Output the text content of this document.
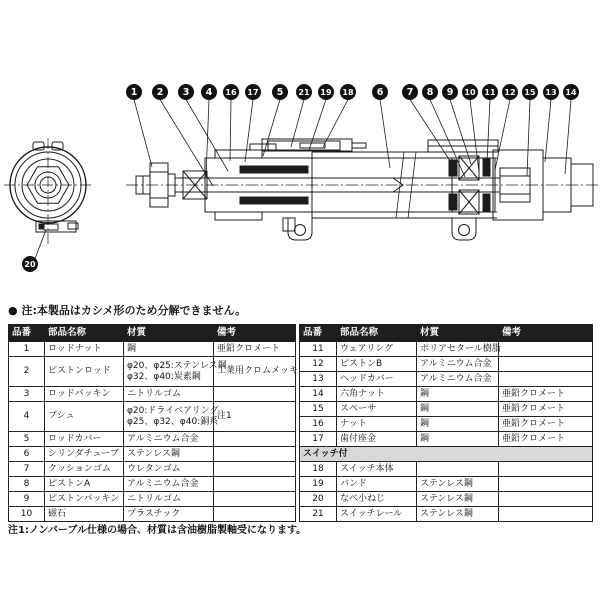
1 2 3 4 16 17 5 21 19 18 6 7 8 9 10 11 12 15 13 14
20
● 注:本製品はカシメ形のため分解できません。
品番	部品名称	材質	備考
1	ロッドナット	鋼	亜鉛クロメート
2	ピストンロッド	φ20、φ25:ステンレス鋼
φ32、φ40:炭素鋼	工業用クロムメッキ
3	ロッドパッキン	ニトリルゴム	

4	ブシュ	φ20:ドライベアリング
φ25、φ32、φ40:銅系	注1
5	ロッドカバー	アルミニウム合金	

6	シリンダチューブ	ステンレス鋼	

7	クッションゴム	ウレタンゴム	

8	ピストンA	アルミニウム合金	

9	ピストンパッキン	ニトリルゴム	

10	磁石	プラスチック	

品番	部品名称	材質	備考
11	ウェアリング	ポリアセタール樹脂	

12	ピストンB	アルミニウム合金	

13	ヘッドカバー	アルミニウム合金	

14	六角ナット	鋼	亜鉛クロメート
15	スペーサ	鋼	亜鉛クロメート
16	ナット	鋼	亜鉛クロメート
17	歯付座金	鋼	亜鉛クロメート
スイッチ付			
18	スイッチ本体	

19	バンド	ステンレス鋼	

20	なべ小ねじ	ステンレス鋼	

21	スイッチレール	ステンレス鋼	

注1:ノンバーブル仕様の場合、材質は含油樹脂製軸受になります。
